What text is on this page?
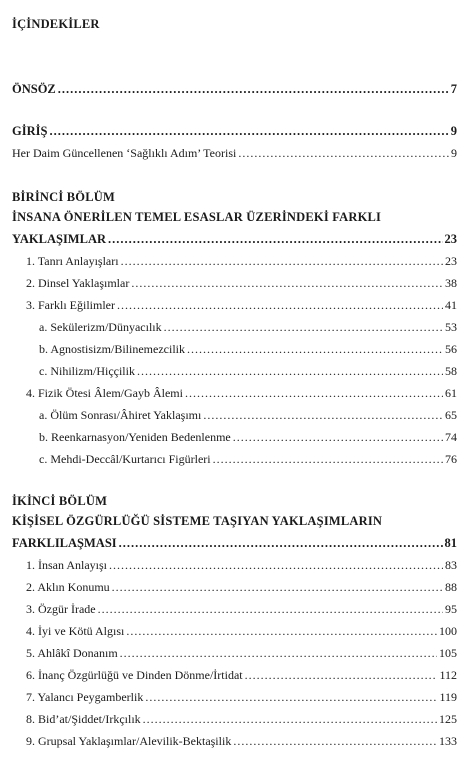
İÇİNDEKİLER
ÖNSÖZ .....	7
GİRİŞ .....	9
Her Daim Güncellenen ‘Sağlıklı Adım’ Teorisi .....	9
BİRİNCİ BÖLÜM
İNSANA ÖNERİLEN TEMEL ESASLAR ÜZERİNDEKİ FARKLI
YAKLAŞIMLAR .....	23
1. Tanrı Anlayışları .....	23
2. Dinsel Yaklaşımlar .....	38
3. Farklı Eğilimler .....	41
a. Sekülerizm/Dünyacılık .....	53
b. Agnostisizm/Bilinemezcilik .....	56
c. Nihilizm/Hiççilik .....	58
4. Fizik Ötesi Âlem/Gayb Âlemi .....	61
a. Ölüm Sonrası/Âhiret Yaklaşımı .....	65
b. Reenkarnasyon/Yeniden Bedenlenme .....	74
c. Mehdi-Deccâl/Kurtarıcı Figürleri .....	76
İKİNCİ BÖLÜM
KİŞİSEL ÖZGÜRLÜĞÜ SİSTEME TAŞIYAN YAKLAŞIMLARIN
FARKLILAŞMASI .....	81
1. İnsan Anlayışı .....	83
2. Aklın Konumu .....	88
3. Özgür İrade .....	95
4. İyi ve Kötü Algısı .....	100
5. Ahlâkî Donanım .....	105
6. İnanç Özgürlüğü ve Dinden Dönme/İrtidat .....	112
7. Yalancı Peygamberlik .....	119
8. Bid’at/Şiddet/Irkçılık .....	125
9. Grupsal Yaklaşımlar/Alevilik-Bektaşilik .....	133
